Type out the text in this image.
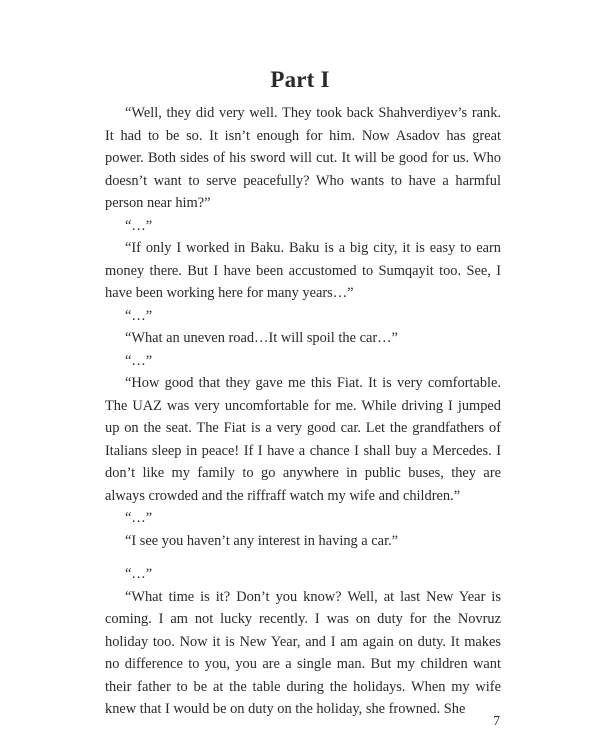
Part I

“Well, they did very well. They took back Shahverdiyev’s rank. It had to be so. It isn’t enough for him. Now Asadov has great power. Both sides of his sword will cut. It will be good for us. Who doesn’t want to serve peacefully? Who wants to have a harmful person near him?”

“…”

“If only I worked in Baku. Baku is a big city, it is easy to earn money there. But I have been accustomed to Sumqayit too. See, I have been working here for many years…”

“…”

“What an uneven road…It will spoil the car…”

“…”

“How good that they gave me this Fiat. It is very comfortable. The UAZ was very uncomfortable for me. While driving I jumped up on the seat. The Fiat is a very good car. Let the grandfathers of Italians sleep in peace! If I have a chance I shall buy a Mercedes. I don’t like my family to go anywhere in public buses, they are always crowded and the riffraff watch my wife and children.”

“…”

“I see you haven’t any interest in having a car.”

“…”

“What time is it? Don’t you know? Well, at last New Year is coming. I am not lucky recently. I was on duty for the Novruz holiday too. Now it is New Year, and I am again on duty. It makes no difference to you, you are a single man. But my children want their father to be at the table during the holidays. When my wife knew that I would be on duty on the holiday, she frowned. She

7
